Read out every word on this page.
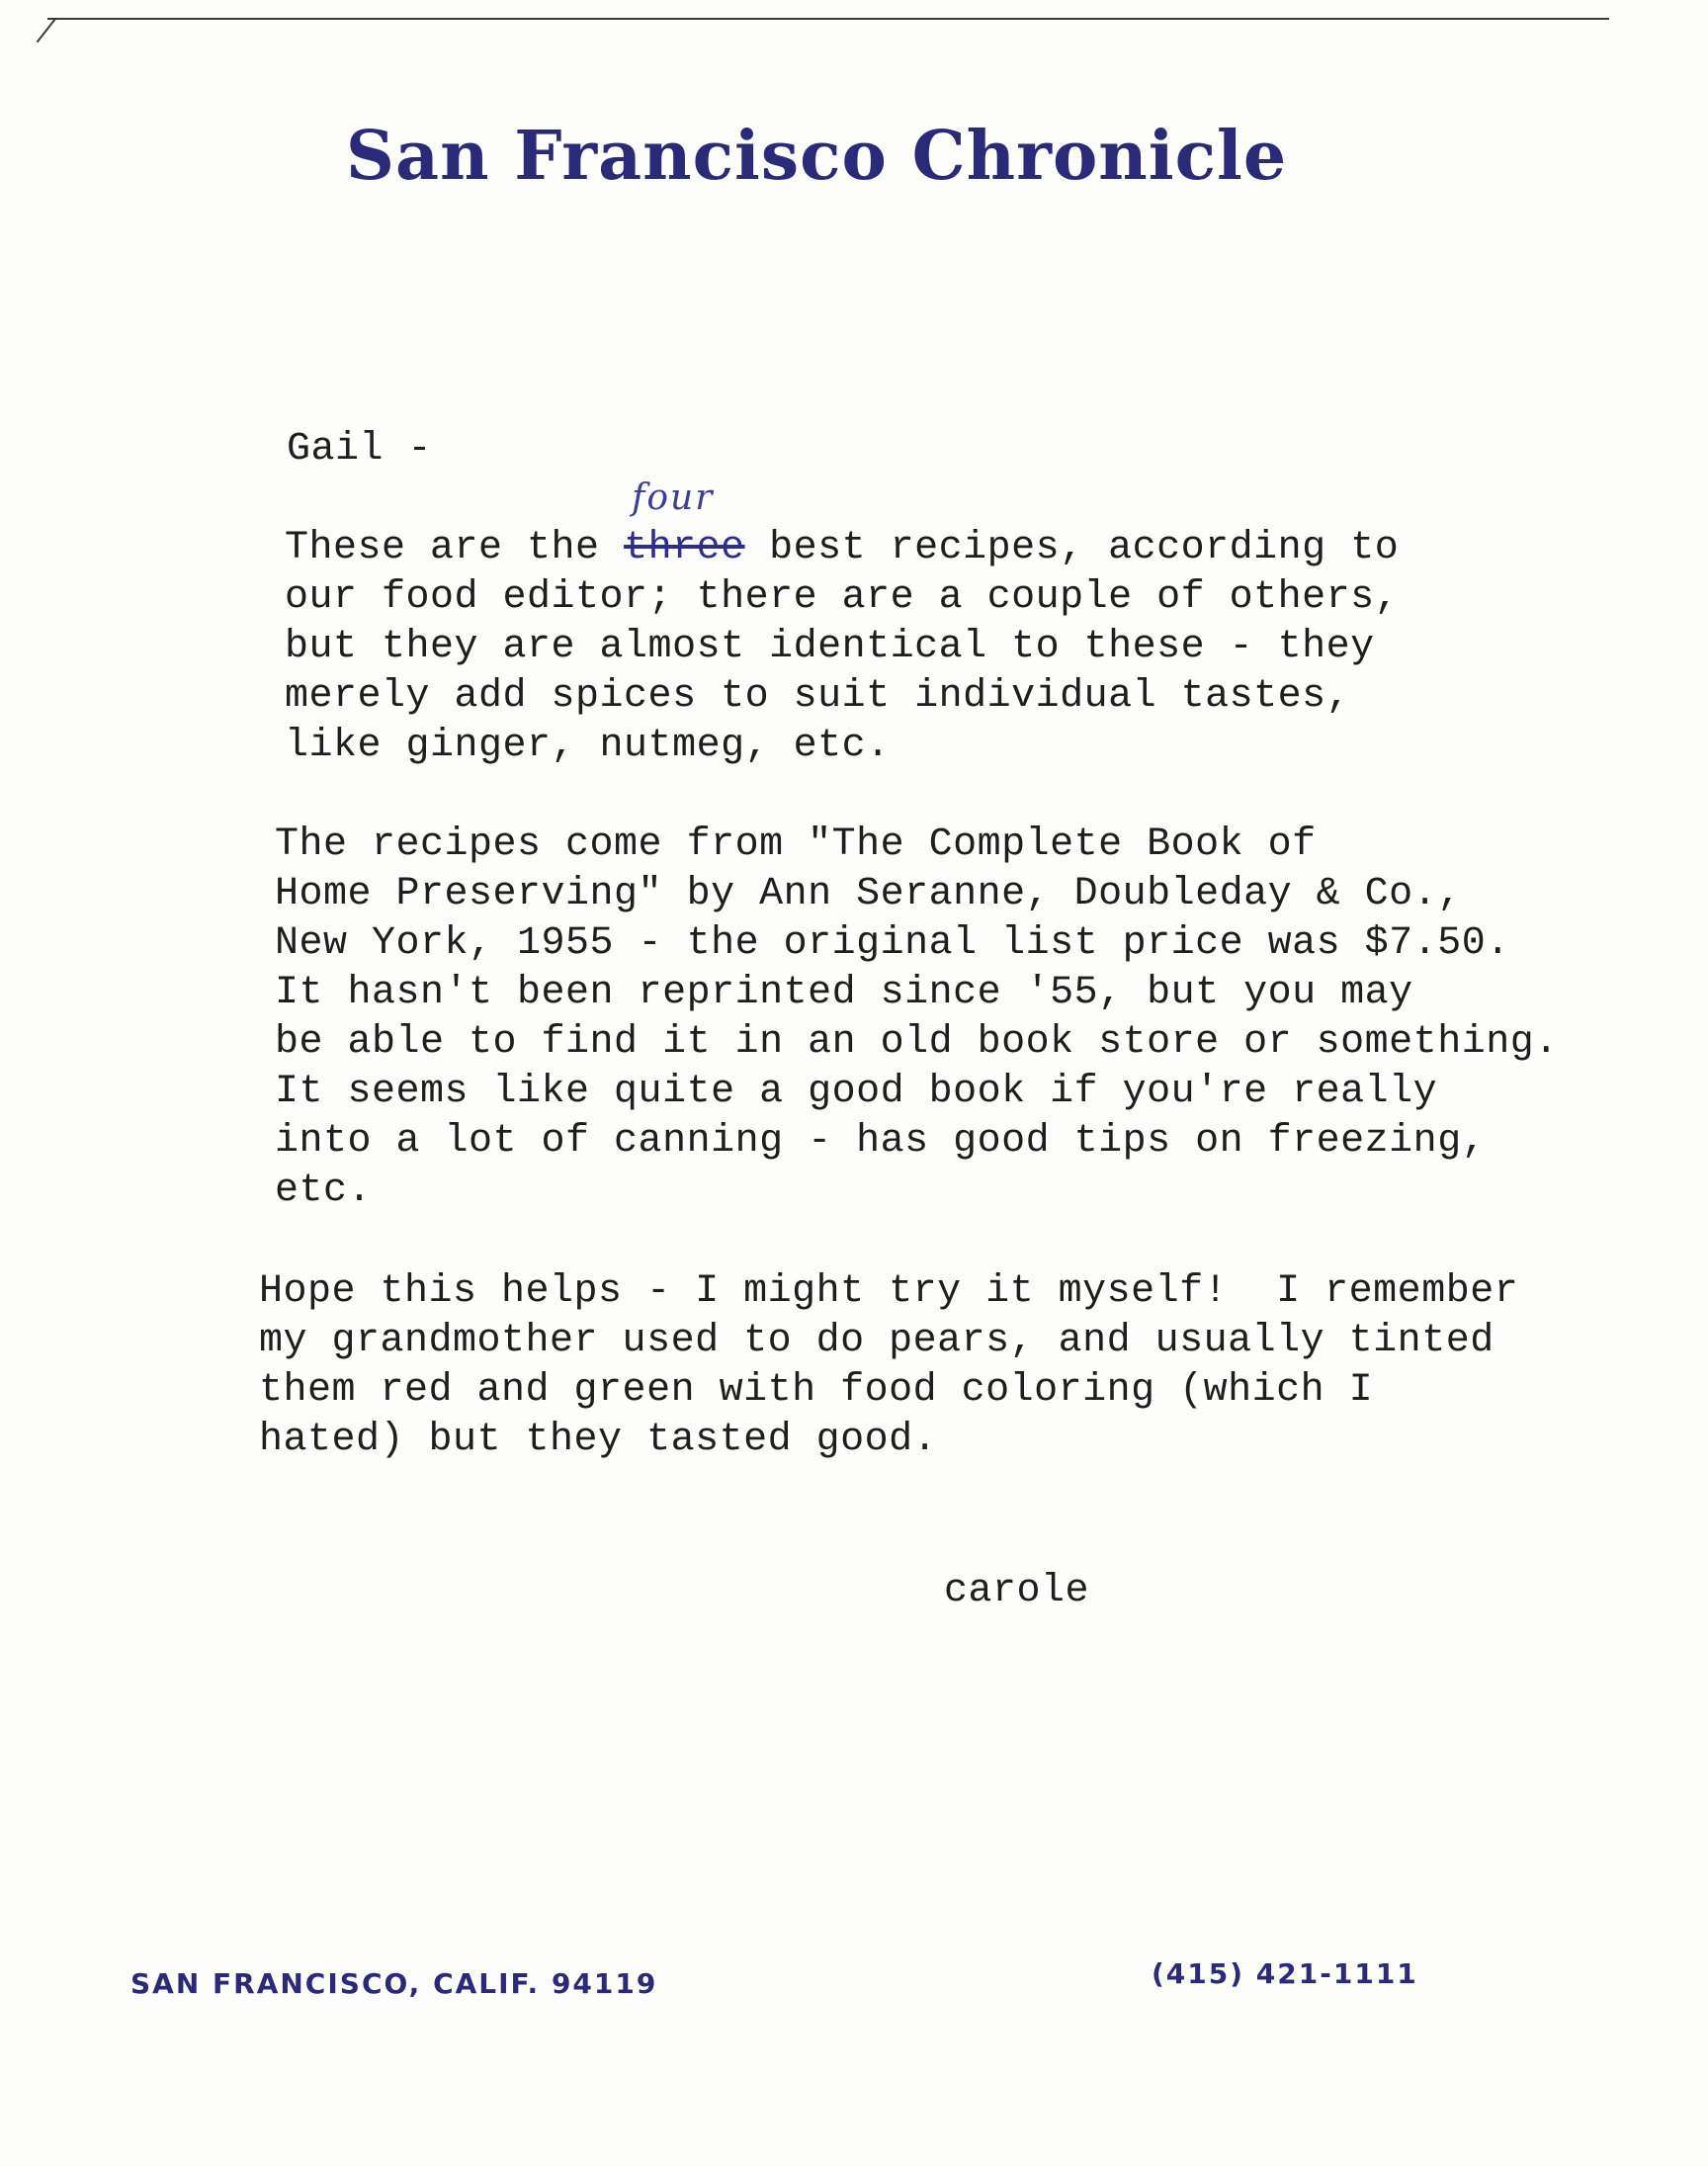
San Francisco Chronicle
Gail -
These are the
four
three best recipes, according to
our food editor; there are a couple of others,
but they are almost identical to these - they
merely add spices to suit individual tastes,
like ginger, nutmeg, etc.
The recipes come from "The Complete Book of
Home Preserving" by Ann Seranne, Doubleday & Co.,
New York, 1955 - the original list price was $7.50.
It hasn't been reprinted since '55, but you may
be able to find it in an old book store or something.
It seems like quite a good book if you're really
into a lot of canning - has good tips on freezing,
etc.
Hope this helps - I might try it myself!  I remember
my grandmother used to do pears, and usually tinted
them red and green with food coloring (which I
hated) but they tasted good.
carole
SAN FRANCISCO, CALIF. 94119	(415) 421-1111
